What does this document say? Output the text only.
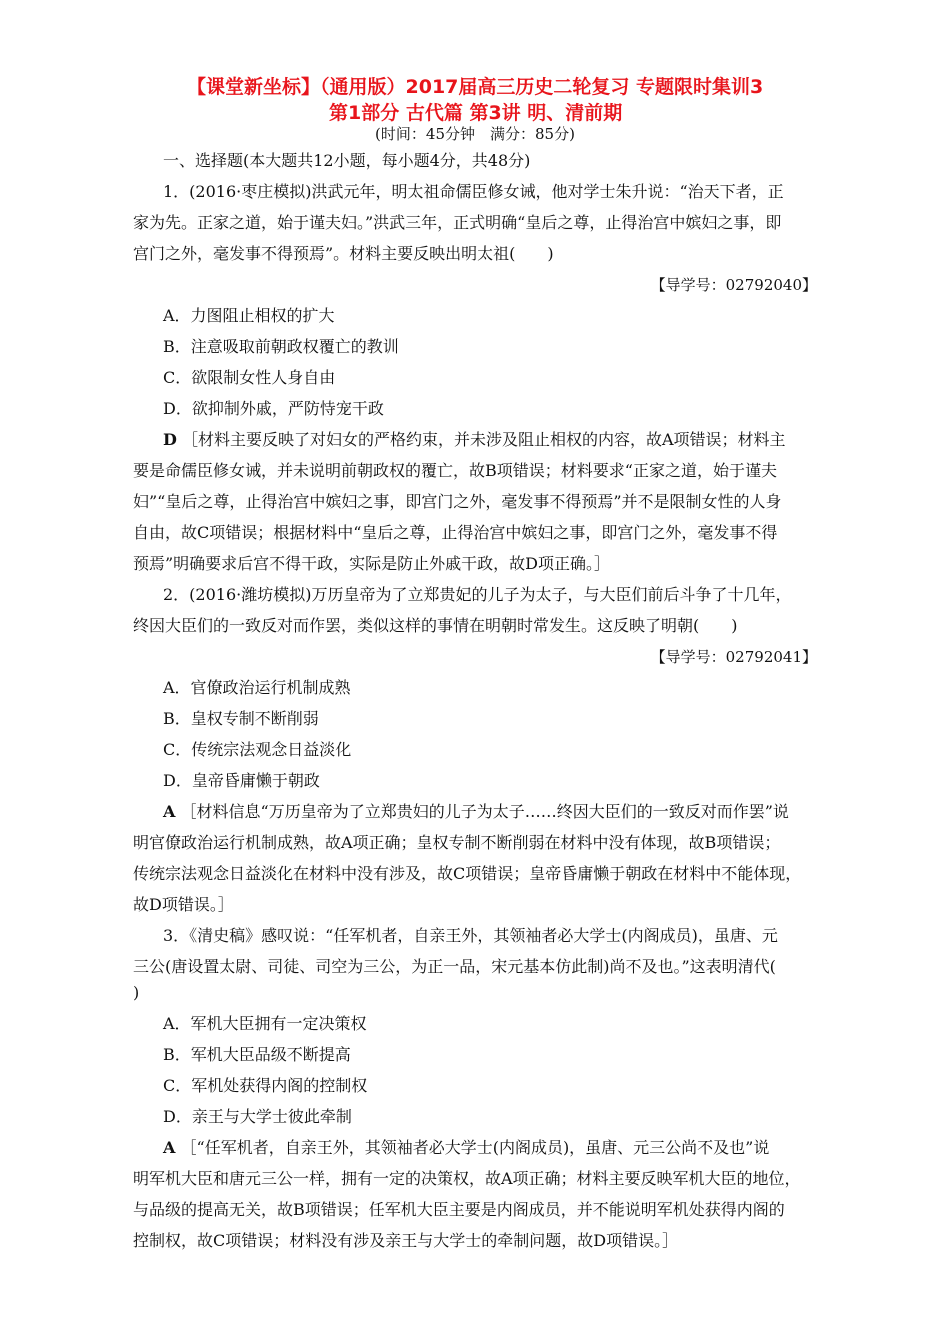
【课堂新坐标】（通用版）2017届高三历史二轮复习 专题限时集训3
第1部分 古代篇 第3讲 明、清前期
(时间：45分钟　满分：85分)
一、选择题(本大题共12小题，每小题4分，共48分)
1．(2016·枣庄模拟)洪武元年，明太祖命儒臣修女诫，他对学士朱升说：“治天下者，正
家为先。正家之道，始于谨夫妇。”洪武三年，正式明确“皇后之尊，止得治宫中嫔妇之事，即
宫门之外，毫发事不得预焉”。材料主要反映出明太祖(　　)
【导学号：02792040】
A．力图阻止相权的扩大
B．注意吸取前朝政权覆亡的教训
C．欲限制女性人身自由
D．欲抑制外戚，严防恃宠干政
D ［材料主要反映了对妇女的严格约束，并未涉及阻止相权的内容，故A项错误；材料主
要是命儒臣修女诫，并未说明前朝政权的覆亡，故B项错误；材料要求“正家之道，始于谨夫
妇”“皇后之尊，止得治宫中嫔妇之事，即宫门之外，毫发事不得预焉”并不是限制女性的人身
自由，故C项错误；根据材料中“皇后之尊，止得治宫中嫔妇之事，即宫门之外，毫发事不得
预焉”明确要求后宫不得干政，实际是防止外戚干政，故D项正确。］
2．(2016·潍坊模拟)万历皇帝为了立郑贵妃的儿子为太子，与大臣们前后斗争了十几年，
终因大臣们的一致反对而作罢，类似这样的事情在明朝时常发生。这反映了明朝(　　)
【导学号：02792041】
A．官僚政治运行机制成熟
B．皇权专制不断削弱
C．传统宗法观念日益淡化
D．皇帝昏庸懒于朝政
A ［材料信息“万历皇帝为了立郑贵妇的儿子为太子……终因大臣们的一致反对而作罢”说
明官僚政治运行机制成熟，故A项正确；皇权专制不断削弱在材料中没有体现，故B项错误；
传统宗法观念日益淡化在材料中没有涉及，故C项错误；皇帝昏庸懒于朝政在材料中不能体现，
故D项错误。］
3．《清史稿》感叹说：“任军机者，自亲王外，其领袖者必大学士(内阁成员)，虽唐、元
三公(唐设置太尉、司徒、司空为三公，为正一品，宋元基本仿此制)尚不及也。”这表明清代(
)
A．军机大臣拥有一定决策权
B．军机大臣品级不断提高
C．军机处获得内阁的控制权
D．亲王与大学士彼此牵制
A ［“任军机者，自亲王外，其领袖者必大学士(内阁成员)，虽唐、元三公尚不及也”说
明军机大臣和唐元三公一样，拥有一定的决策权，故A项正确；材料主要反映军机大臣的地位，
与品级的提高无关，故B项错误；任军机大臣主要是内阁成员，并不能说明军机处获得内阁的
控制权，故C项错误；材料没有涉及亲王与大学士的牵制问题，故D项错误。］
